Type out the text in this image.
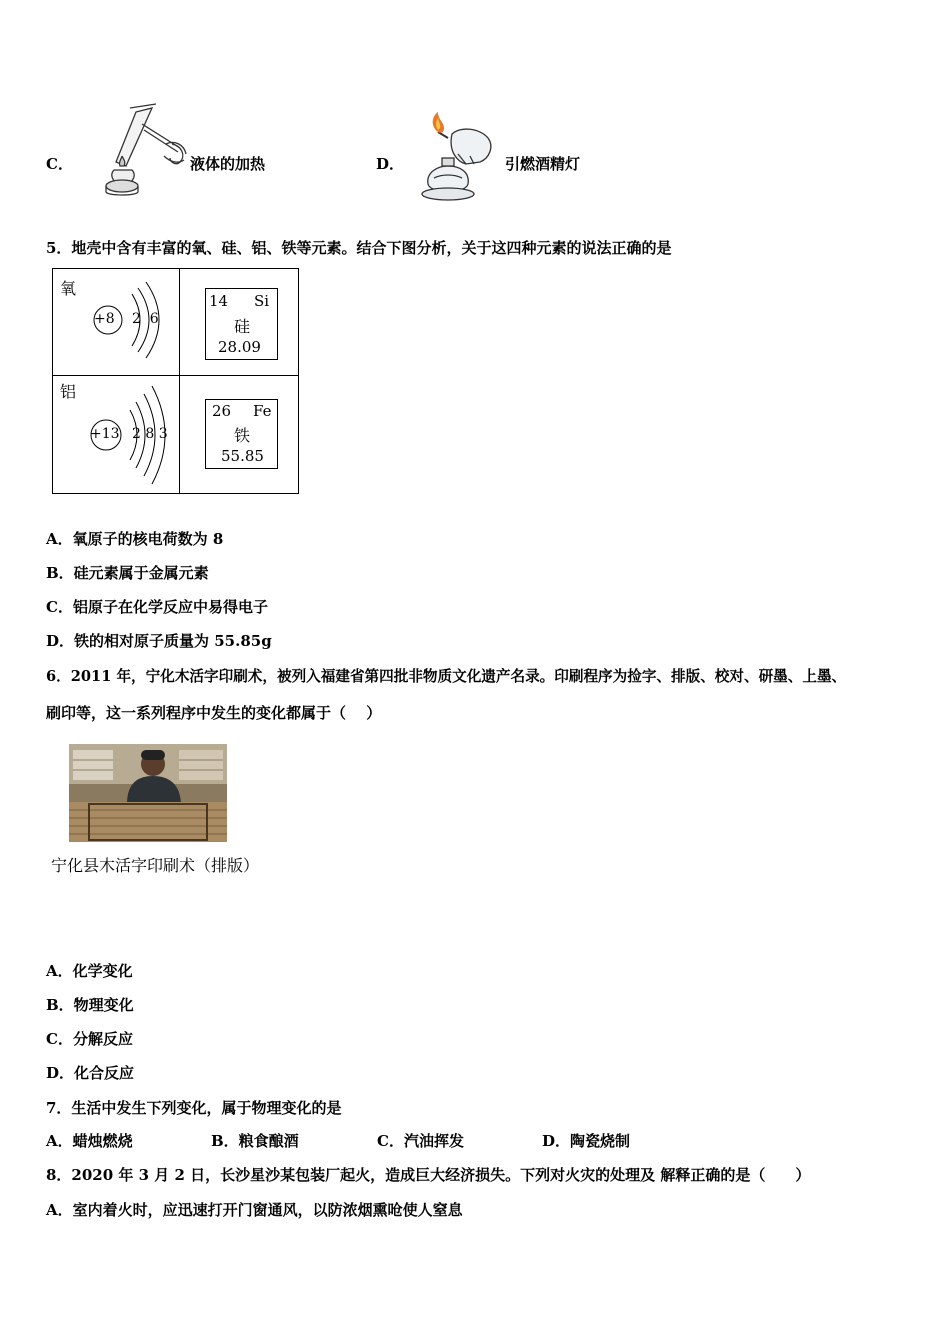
C．	液体的加热	D．	引燃酒精灯
5．地壳中含有丰富的氧、硅、铝、铁等元素。结合下图分析，关于这四种元素的说法正确的是
氧
+8 2  6
14 Si
硅
28.09
铝
+13 2 8 3
26 Fe
铁
55.85
A．氧原子的核电荷数为 8
B．硅元素属于金属元素
C．铝原子在化学反应中易得电子
D．铁的相对原子质量为 55.85g
6．2011 年，宁化木活字印刷术，被列入福建省第四批非物质文化遗产名录。印刷程序为捡字、排版、校对、研墨、上墨、
刷印等，这一系列程序中发生的变化都属于（　 ）
宁化县木活字印刷术（排版）
A．化学变化
B．物理变化
C．分解反应
D．化合反应
7．生活中发生下列变化，属于物理变化的是
A．蜡烛燃烧	B．粮食酿酒	C．汽油挥发	D．陶瓷烧制
8．2020 年 3 月 2 日，长沙星沙某包装厂起火，造成巨大经济损失。下列对火灾的处理及 解释正确的是（　　）
A．室内着火时，应迅速打开门窗通风，以防浓烟熏呛使人窒息
